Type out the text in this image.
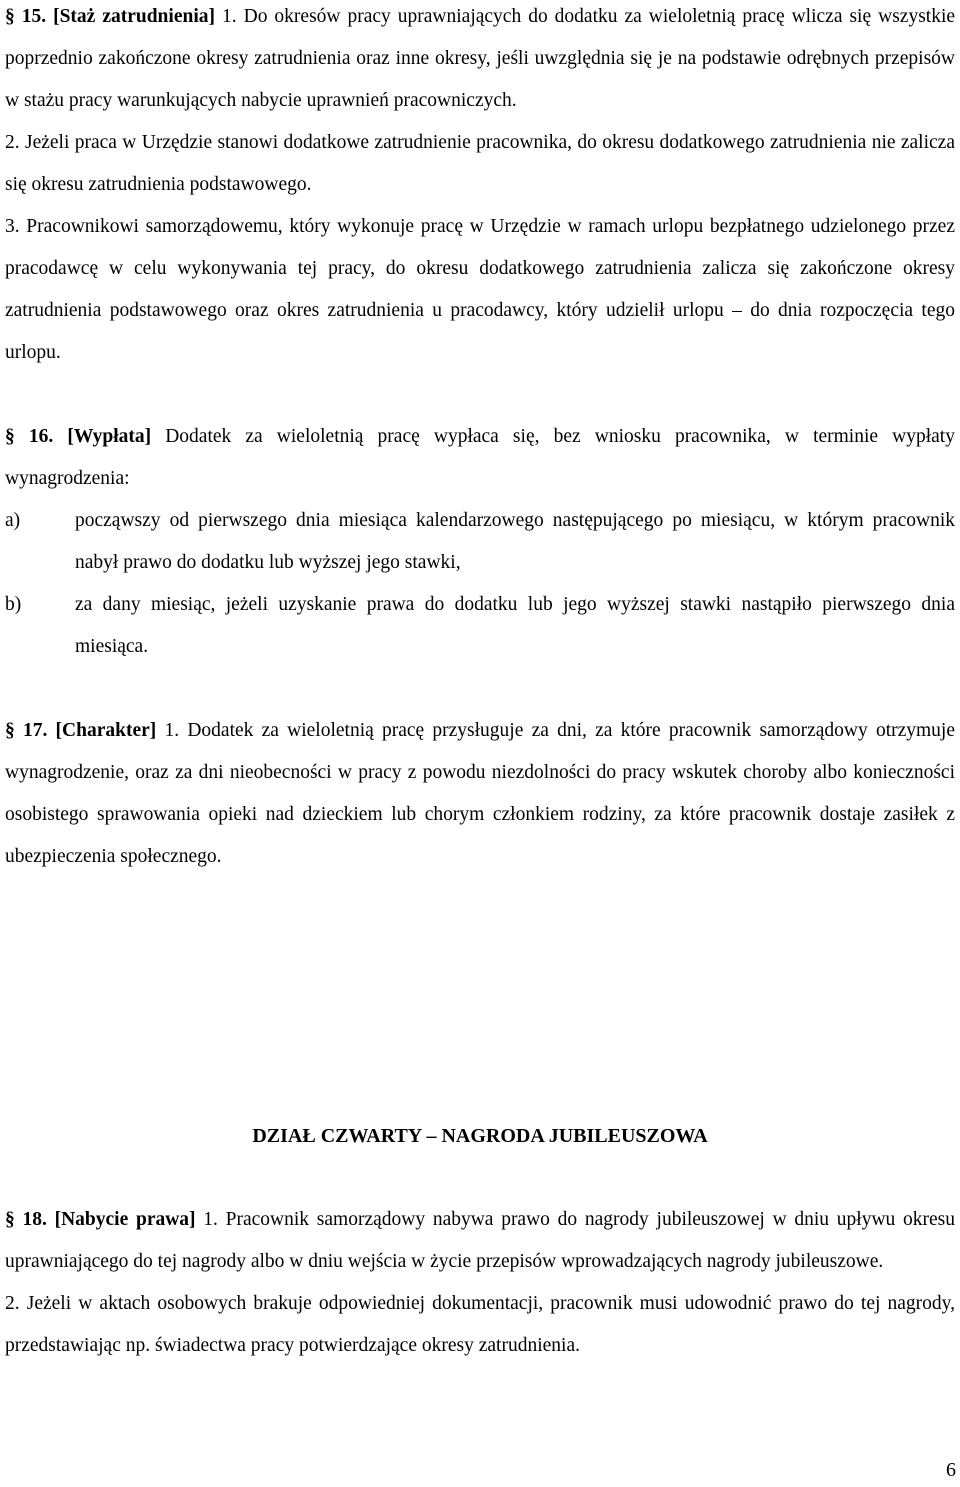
§ 15. [Staż zatrudnienia] 1. Do okresów pracy uprawniających do dodatku za wieloletnią pracę wlicza się wszystkie poprzednio zakończone okresy zatrudnienia oraz inne okresy, jeśli uwzględnia się je na podstawie odrębnych przepisów w stażu pracy warunkujących nabycie uprawnień pracowniczych.

2. Jeżeli praca w Urzędzie stanowi dodatkowe zatrudnienie pracownika, do okresu dodatkowego zatrudnienia nie zalicza się okresu zatrudnienia podstawowego.

3. Pracownikowi samorządowemu, który wykonuje pracę w Urzędzie w ramach urlopu bezpłatnego udzielonego przez pracodawcę w celu wykonywania tej pracy, do okresu dodatkowego zatrudnienia zalicza się zakończone okresy zatrudnienia podstawowego oraz okres zatrudnienia u pracodawcy, który udzielił urlopu – do dnia rozpoczęcia tego urlopu.

§ 16. [Wypłata] Dodatek za wieloletnią pracę wypłaca się, bez wniosku pracownika, w terminie wypłaty wynagrodzenia:

a)	począwszy od pierwszego dnia miesiąca kalendarzowego następującego po miesiącu, w którym pracownik nabył prawo do dodatku lub wyższej jego stawki,
b)	za dany miesiąc, jeżeli uzyskanie prawa do dodatku lub jego wyższej stawki nastąpiło pierwszego dnia miesiąca.

§ 17. [Charakter] 1. Dodatek za wieloletnią pracę przysługuje za dni, za które pracownik samorządowy otrzymuje wynagrodzenie, oraz za dni nieobecności w pracy z powodu niezdolności do pracy wskutek choroby albo konieczności osobistego sprawowania opieki nad dzieckiem lub chorym członkiem rodziny, za które pracownik dostaje zasiłek z ubezpieczenia społecznego.

DZIAŁ CZWARTY – NAGRODA JUBILEUSZOWA

§ 18. [Nabycie prawa] 1. Pracownik samorządowy nabywa prawo do nagrody jubileuszowej w dniu upływu okresu uprawniającego do tej nagrody albo w dniu wejścia w życie przepisów wprowadzających nagrody jubileuszowe.

2. Jeżeli w aktach osobowych brakuje odpowiedniej dokumentacji, pracownik musi udowodnić prawo do tej nagrody, przedstawiając np. świadectwa pracy potwierdzające okresy zatrudnienia.

6
